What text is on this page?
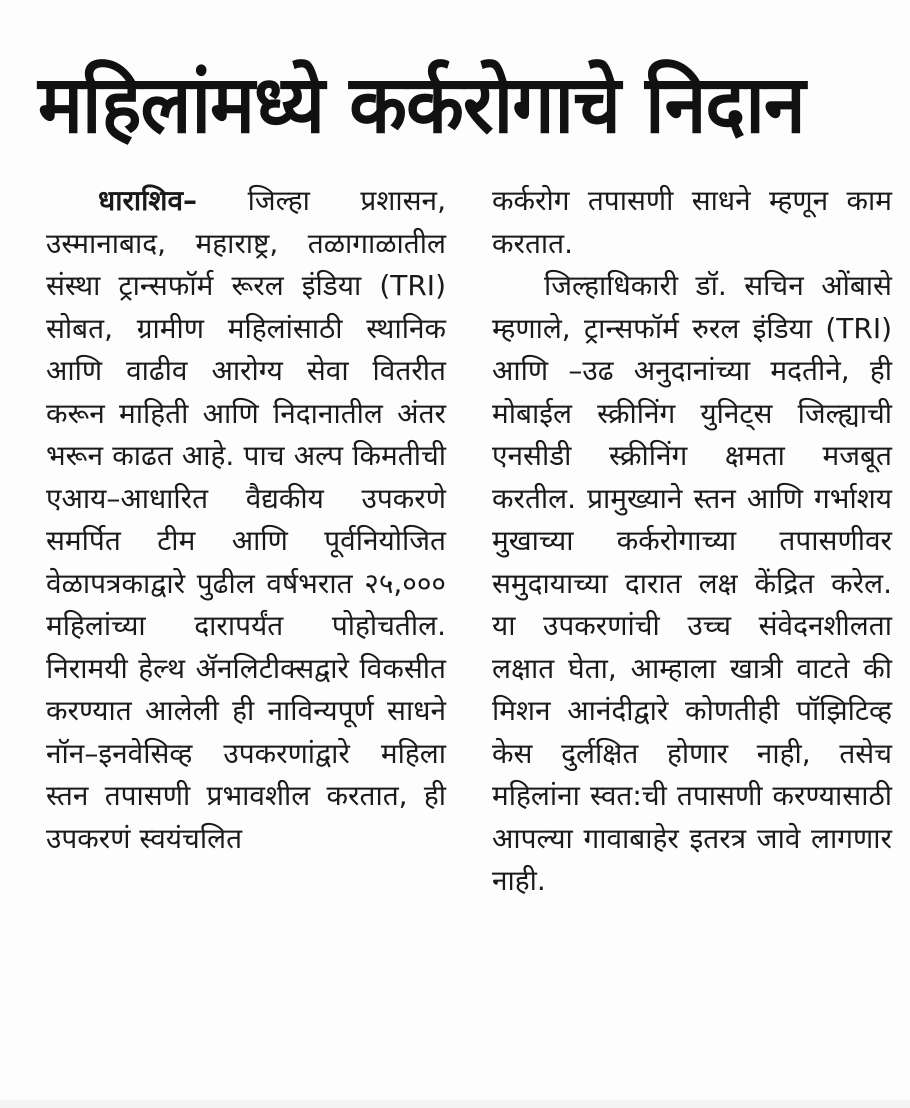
महिलांमध्ये कर्करोगाचे निदान

धाराशिव– जिल्हा प्रशासन, उस्मानाबाद, महाराष्ट्र, तळागाळातील संस्था ट्रान्सफॉर्म रूरल इंडिया (TRI) सोबत, ग्रामीण महिलांसाठी स्थानिक आणि वाढीव आरोग्य सेवा वितरीत करून माहिती आणि निदानातील अंतर भरून काढत आहे. पाच अल्प किमतीची एआय–आधारित वैद्यकीय उपकरणे समर्पित टीम आणि पूर्वनियोजित वेळापत्रकाद्वारे पुढील वर्षभरात २५,००० महिलांच्या दारापर्यंत पोहोचतील. निरामयी हेल्थ ॲनलिटीक्सद्वारे विकसीत करण्यात आलेली ही नाविन्यपूर्ण साधने नॉन–इनवेसिव्ह उपकरणांद्वारे महिला स्तन तपासणी प्रभावशील करतात, ही उपकरणं स्वयंचलित

कर्करोग तपासणी साधने म्हणून काम करतात.

जिल्हाधिकारी डॉ. सचिन ओंबासे म्हणाले, ट्रान्सफॉर्म रुरल इंडिया (TRI) आणि –उढ अनुदानांच्या मदतीने, ही मोबाईल स्क्रीनिंग युनिट्स जिल्ह्याची एनसीडी स्क्रीनिंग क्षमता मजबूत करतील. प्रामुख्याने स्तन आणि गर्भाशय मुखाच्या कर्करोगाच्या तपासणीवर समुदायाच्या दारात लक्ष केंद्रित करेल. या उपकरणांची उच्च संवेदनशीलता लक्षात घेता, आम्हाला खात्री वाटते की मिशन आनंदीद्वारे कोणतीही पॉझिटिव्ह केस दुर्लक्षित होणार नाही, तसेच महिलांना स्वत:ची तपासणी करण्यासाठी आपल्या गावाबाहेर इतरत्र जावे लागणार नाही.
